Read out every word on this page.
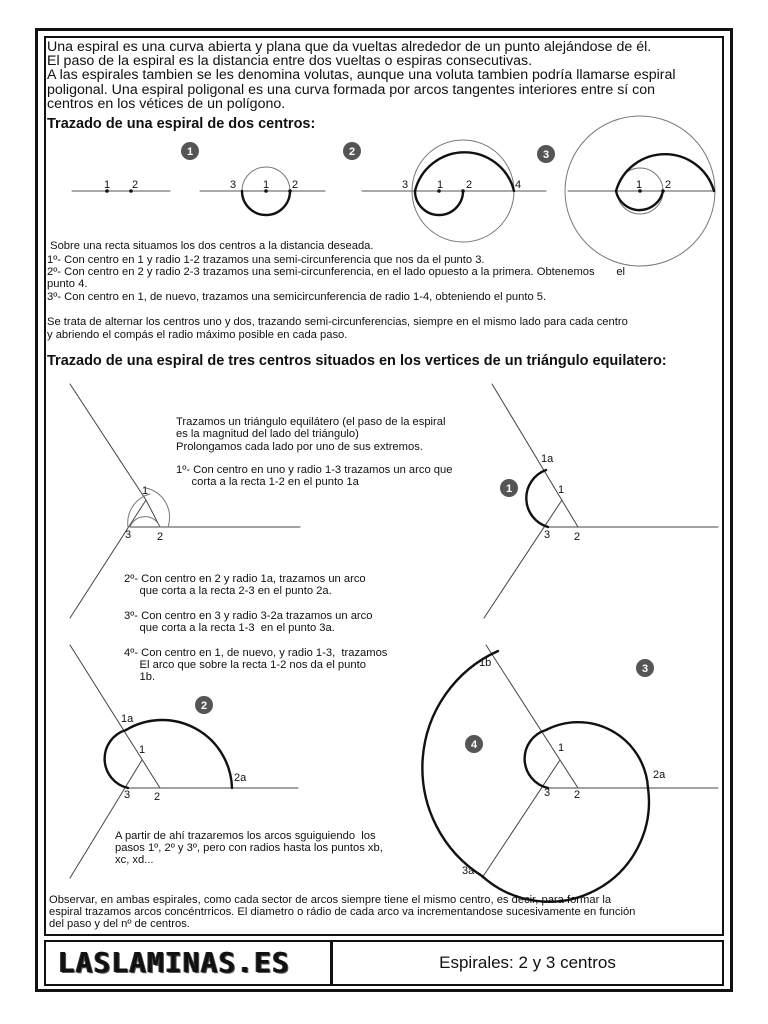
LASLAMINAS.ES	Espirales: 2 y 3 centros
Una espiral es una curva abierta y plana que da vueltas alrededor de un punto alejándose de él.
El paso de la espiral es la distancia entre dos vueltas o espiras consecutivas.
A las espirales tambien se les denomina volutas, aunque una voluta tambien podría llamarse espiral
poligonal. Una espiral poligonal es una curva formada por arcos tangentes interiores entre sí con
centros en los vétices de un polígono.
Trazado de una espiral de dos centros:
Sobre una recta situamos los dos centros a la distancia deseada.
1º- Con centro en 1 y radio 1-2 trazamos una semi-circunferencia que nos da el punto 3.
2º- Con centro en 2 y radio 2-3 trazamos una semi-circunferencia, en el lado opuesto a la primera. Obtenemos       el
punto 4.
3º- Con centro en 1, de nuevo, trazamos una semicircunferencia de radio 1-4, obteniendo el punto 5.
Se trata de alternar los centros uno y dos, trazando semi-circunferencias, siempre en el mismo lado para cada centro
y abriendo el compás el radio máximo posible en cada paso.
Trazado de una espiral de tres centros situados en los vertices de un triángulo equilatero:
Trazamos un triángulo equilátero (el paso de la espiral
es la magnitud del lado del triángulo)
Prolongamos cada lado por uno de sus extremos.
1º- Con centro en uno y radio 1-3 trazamos un arco que
corta a la recta 1-2 en el punto 1a
2º- Con centro en 2 y radio 1a, trazamos un arco
que corta a la recta 2-3 en el punto 2a.
3º- Con centro en 3 y radio 3-2a trazamos un arco
que corta a la recta 1-3  en el punto 3a.
4º- Con centro en 1, de nuevo, y radio 1-3,  trazamos
El arco que sobre la recta 1-2 nos da el punto
1b.
A partir de ahí trazaremos los arcos sguiguiendo  los
pasos 1º, 2º y 3º, pero con radios hasta los puntos xb,
xc, xd...
Observar, en ambas espirales, como cada sector de arcos siempre tiene el mismo centro, es decir, para formar la
espiral trazamos arcos concéntrricos. El diametro o rádio de cada arco va incrementandose sucesivamente en función
del paso y del nº de centros.
1	2	3
1
2
3
4
1 2	3 1 2	3	1 2	4	1 2
1
3 2
1a
1
3 2
1a
1
3 2
2a
1b
1
3 2
2a
3a
